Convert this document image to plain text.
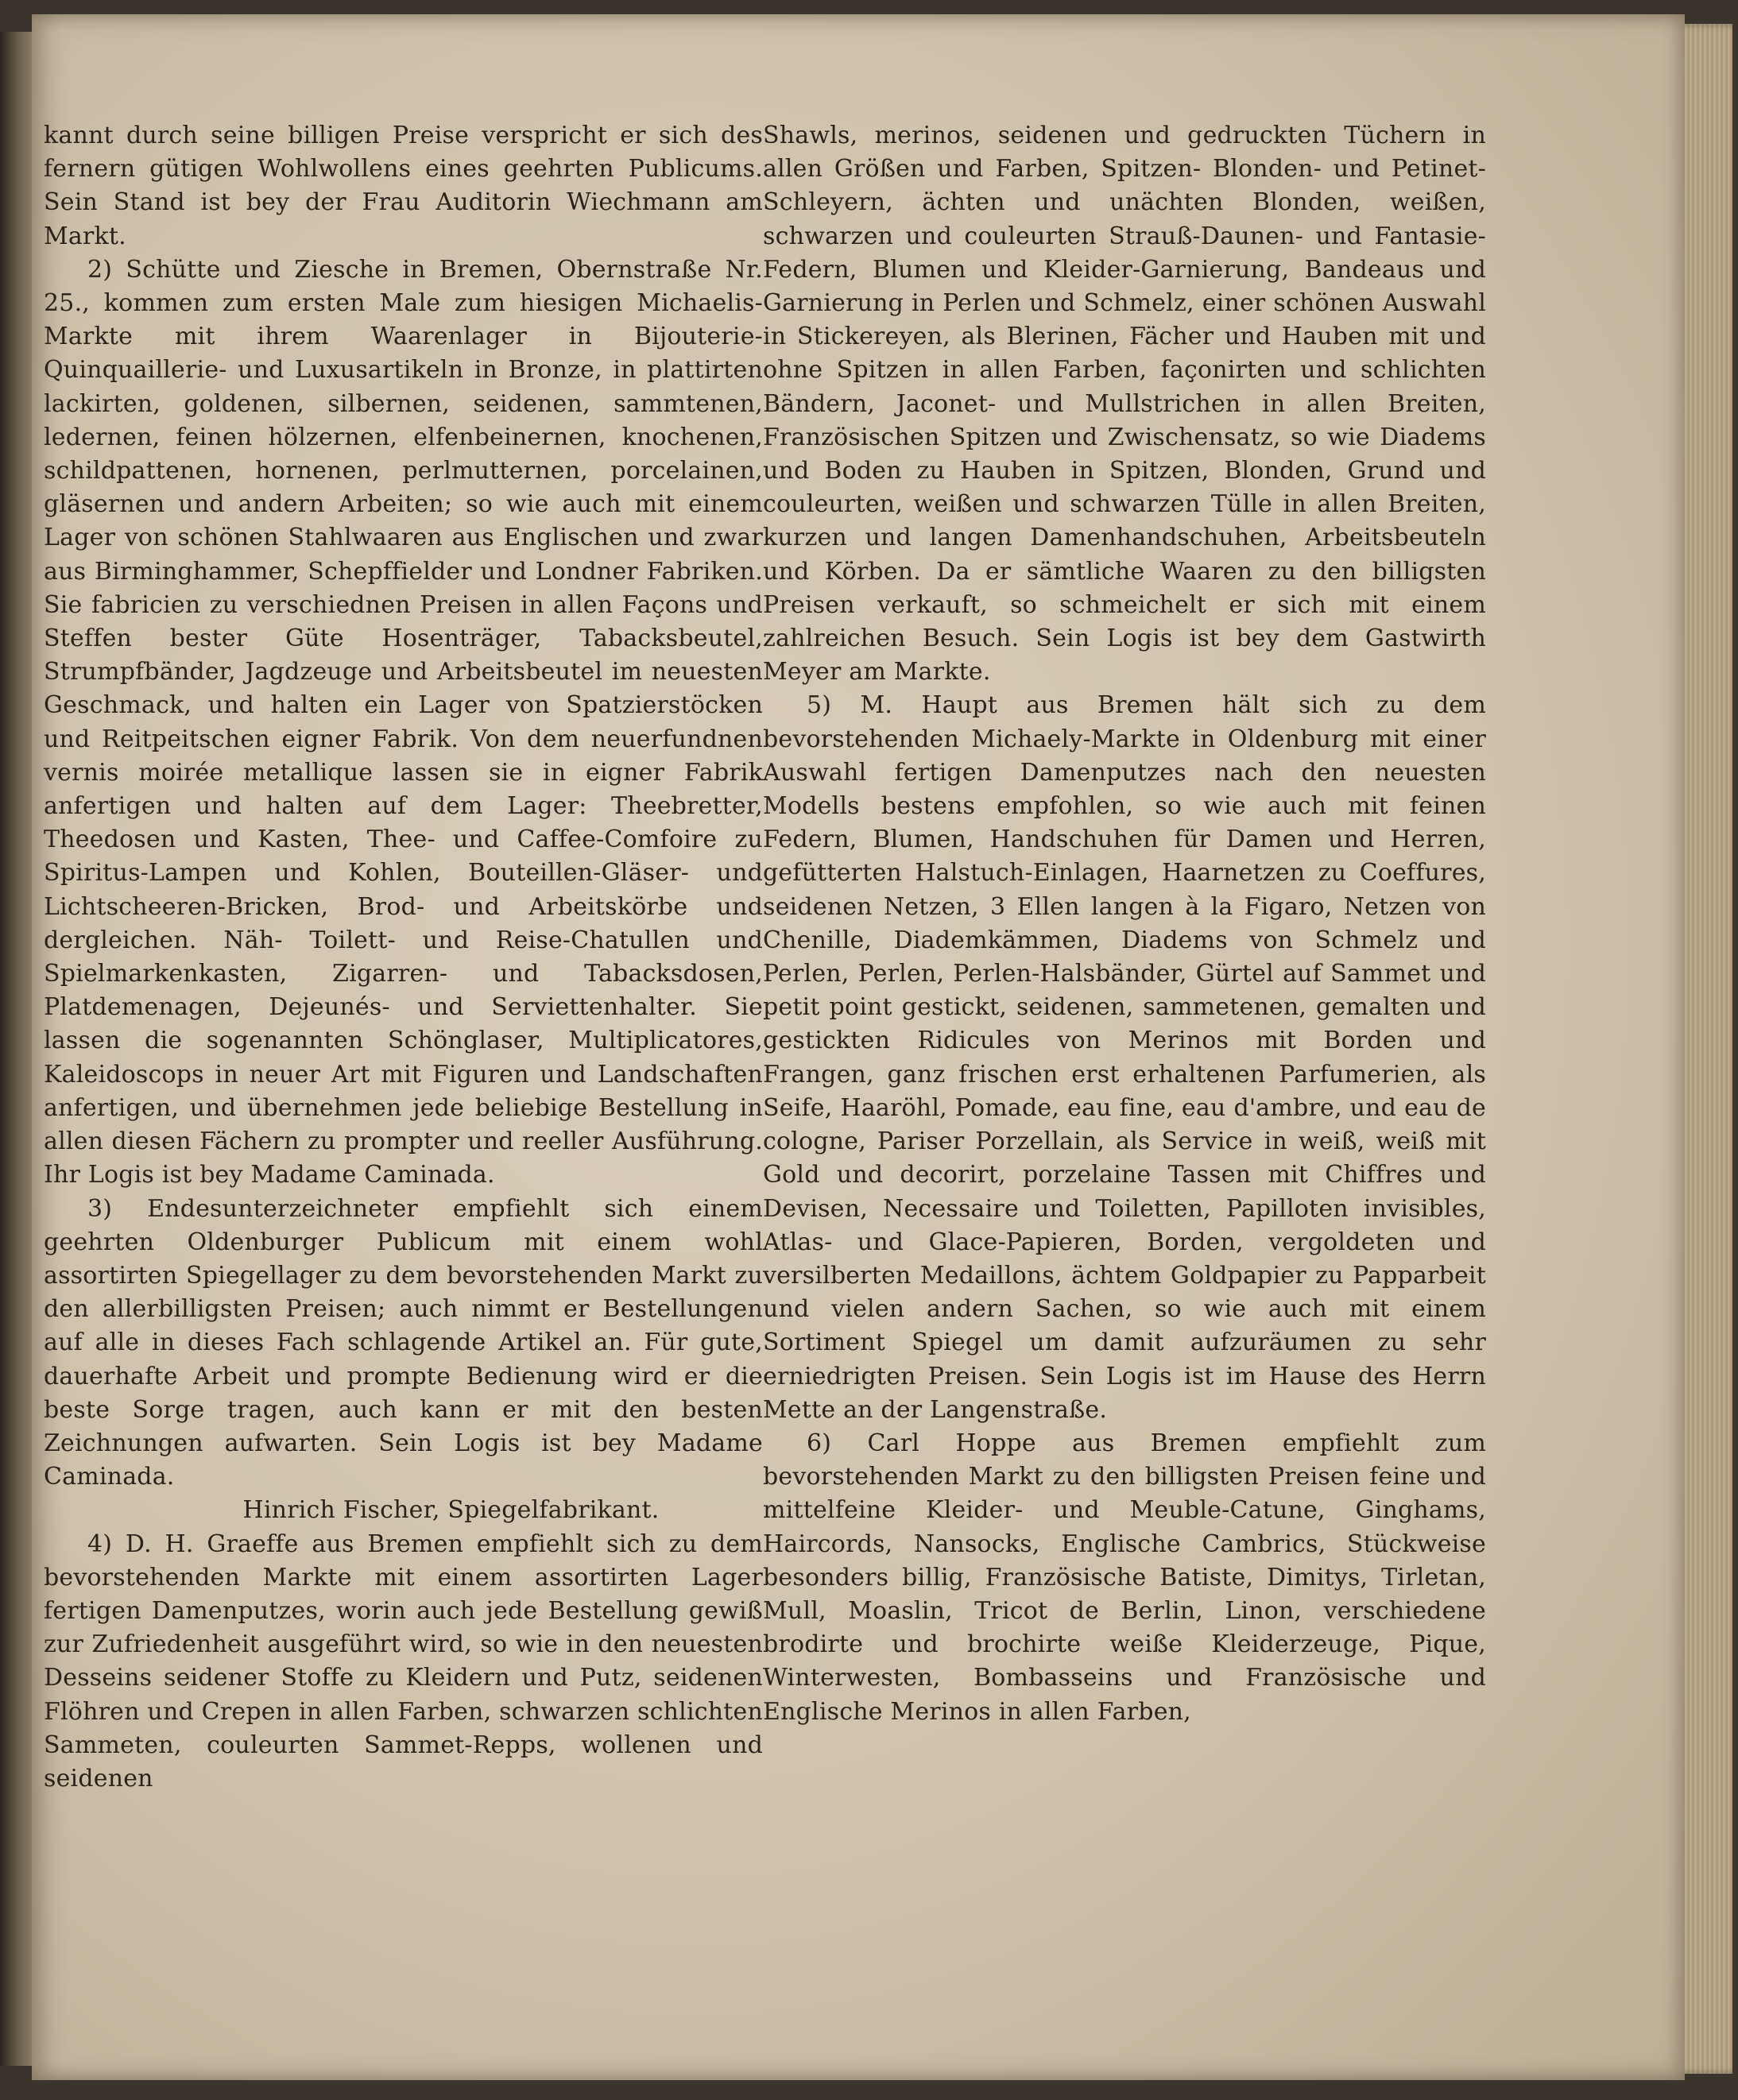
kannt durch seine billigen Preise verspricht er sich des fernern gütigen Wohlwollens eines geehrten Publicums. Sein Stand ist bey der Frau Auditorin Wiechmann am Markt.

2) Schütte und Ziesche in Bremen, Obernstraße Nr. 25., kommen zum ersten Male zum hiesigen Michaelis-Markte mit ihrem Waarenlager in Bijouterie-Quinquaillerie- und Luxusartikeln in Bronze, in plattirten lackirten, goldenen, silbernen, seidenen, sammtenen, ledernen, feinen hölzernen, elfenbeinernen, knochenen, schildpattenen, hornenen, perlmutternen, porcelainen, gläsernen und andern Arbeiten; so wie auch mit einem Lager von schönen Stahlwaaren aus Englischen und zwar aus Birminghammer, Schepffielder und Londner Fabriken. Sie fabricien zu verschiednen Preisen in allen Façons und Steffen bester Güte Hosenträger, Tabacksbeutel, Strumpfbänder, Jagdzeuge und Arbeitsbeutel im neuesten Geschmack, und halten ein Lager von Spatzierstöcken und Reitpeitschen eigner Fabrik. Von dem neuerfundnen vernis moirée metallique lassen sie in eigner Fabrik anfertigen und halten auf dem Lager: Theebretter, Theedosen und Kasten, Thee- und Caffee-Comfoire zu Spiritus-Lampen und Kohlen, Bouteillen-Gläser- und Lichtscheeren-Bricken, Brod- und Arbeitskörbe und dergleichen. Näh- Toilett- und Reise-Chatullen und Spielmarkenkasten, Zigarren- und Tabacksdosen, Platdemenagen, Dejeunés- und Serviettenhalter. Sie lassen die sogenannten Schönglaser, Multiplicatores, Kaleidoscops in neuer Art mit Figuren und Landschaften anfertigen, und übernehmen jede beliebige Bestellung in allen diesen Fächern zu prompter und reeller Ausführung. Ihr Logis ist bey Madame Caminada.

3) Endesunterzeichneter empfiehlt sich einem geehrten Oldenburger Publicum mit einem wohl assortirten Spiegellager zu dem bevorstehenden Markt zu den allerbilligsten Preisen; auch nimmt er Bestellungen auf alle in dieses Fach schlagende Artikel an. Für gute, dauerhafte Arbeit und prompte Bedienung wird er die beste Sorge tragen, auch kann er mit den besten Zeichnungen aufwarten. Sein Logis ist bey Madame Caminada.

Hinrich Fischer, Spiegelfabrikant.

4) D. H. Graeffe aus Bremen empfiehlt sich zu dem bevorstehenden Markte mit einem assortirten Lager fertigen Damenputzes, worin auch jede Bestellung gewiß zur Zufriedenheit ausgeführt wird, so wie in den neuesten Desseins seidener Stoffe zu Kleidern und Putz, seidenen Flöhren und Crepen in allen Farben, schwarzen schlichten Sammeten, couleurten Sammet-Repps, wollenen und seidenen

Shawls, merinos, seidenen und gedruckten Tüchern in allen Größen und Farben, Spitzen- Blonden- und Petinet-Schleyern, ächten und unächten Blonden, weißen, schwarzen und couleurten Strauß-Daunen- und Fantasie-Federn, Blumen und Kleider-Garnierung, Bandeaus und Garnierung in Perlen und Schmelz, einer schönen Auswahl in Stickereyen, als Blerinen, Fächer und Hauben mit und ohne Spitzen in allen Farben, façonirten und schlichten Bändern, Jaconet- und Mullstrichen in allen Breiten, Französischen Spitzen und Zwischensatz, so wie Diadems und Boden zu Hauben in Spitzen, Blonden, Grund und couleurten, weißen und schwarzen Tülle in allen Breiten, kurzen und langen Damenhandschuhen, Arbeitsbeuteln und Körben. Da er sämtliche Waaren zu den billigsten Preisen verkauft, so schmeichelt er sich mit einem zahlreichen Besuch. Sein Logis ist bey dem Gastwirth Meyer am Markte.

5) M. Haupt aus Bremen hält sich zu dem bevorstehenden Michaely-Markte in Oldenburg mit einer Auswahl fertigen Damenputzes nach den neuesten Modells bestens empfohlen, so wie auch mit feinen Federn, Blumen, Handschuhen für Damen und Herren, gefütterten Halstuch-Einlagen, Haarnetzen zu Coeffures, seidenen Netzen, 3 Ellen langen à la Figaro, Netzen von Chenille, Diademkämmen, Diadems von Schmelz und Perlen, Perlen, Perlen-Halsbänder, Gürtel auf Sammet und petit point gestickt, seidenen, sammetenen, gemalten und gestickten Ridicules von Merinos mit Borden und Frangen, ganz frischen erst erhaltenen Parfumerien, als Seife, Haaröhl, Pomade, eau fine, eau d'ambre, und eau de cologne, Pariser Porzellain, als Service in weiß, weiß mit Gold und decorirt, porzelaine Tassen mit Chiffres und Devisen, Necessaire und Toiletten, Papilloten invisibles, Atlas- und Glace-Papieren, Borden, vergoldeten und versilberten Medaillons, ächtem Goldpapier zu Papparbeit und vielen andern Sachen, so wie auch mit einem Sortiment Spiegel um damit aufzuräumen zu sehr erniedrigten Preisen. Sein Logis ist im Hause des Herrn Mette an der Langenstraße.

6) Carl Hoppe aus Bremen empfiehlt zum bevorstehenden Markt zu den billigsten Preisen feine und mittelfeine Kleider- und Meuble-Catune, Ginghams, Haircords, Nansocks, Englische Cambrics, Stückweise besonders billig, Französische Batiste, Dimitys, Tirletan, Mull, Moaslin, Tricot de Berlin, Linon, verschiedene brodirte und brochirte weiße Kleiderzeuge, Pique, Winterwesten, Bombasseins und Französische und Englische Merinos in allen Farben,
